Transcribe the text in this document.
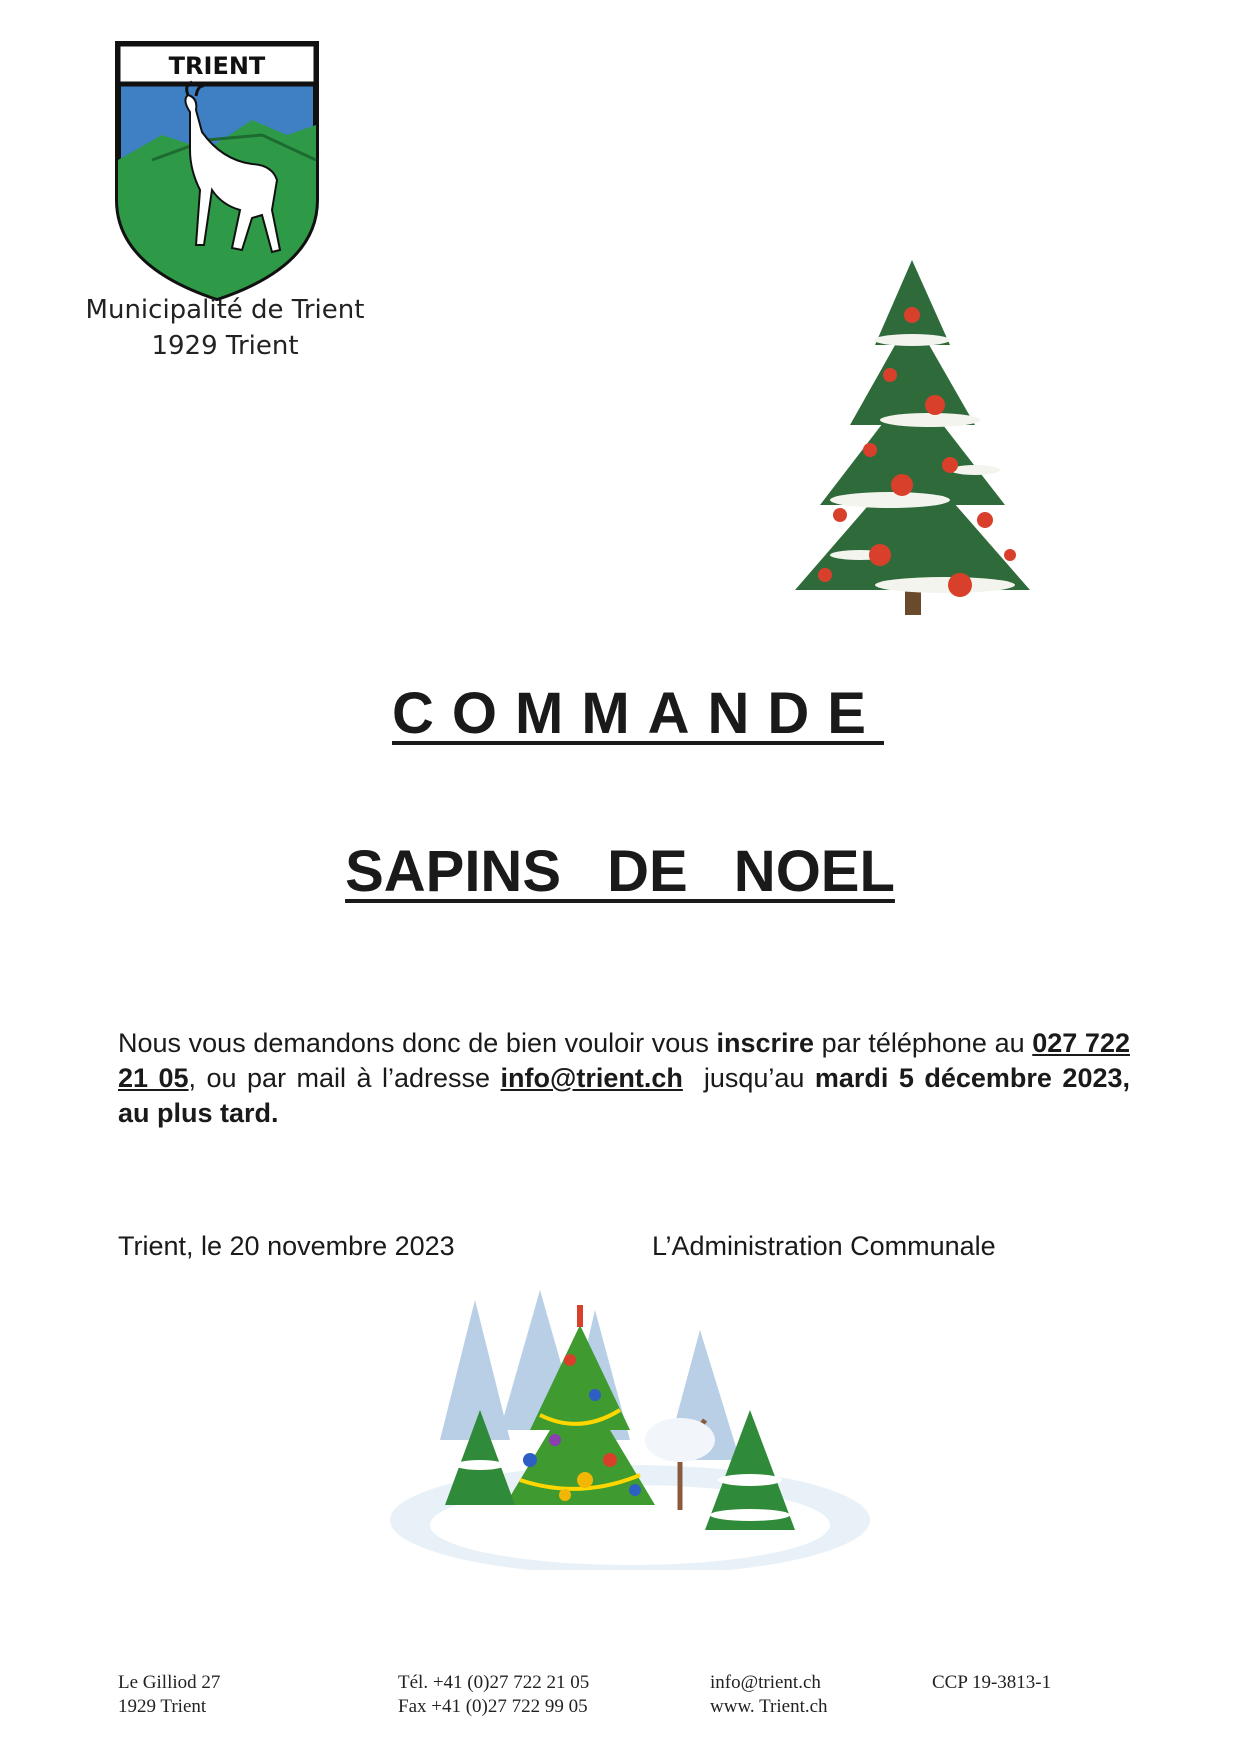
TRIENT
Municipalité de Trient
1929 Trient
COMMANDE
SAPINS DE NOEL
Nous vous demandons donc de bien vouloir vous inscrire par téléphone au 027 722 21 05, ou par mail à l’adresse info@trient.ch  jusqu’au mardi 5 décembre 2023, au plus tard.
Trient, le 20 novembre 2023	L’Administration Communale
Le Gilliod 27
1929 Trient
Tél. +41 (0)27 722 21 05
Fax +41 (0)27 722 99 05
info@trient.ch
www. Trient.ch
CCP 19-3813-1
